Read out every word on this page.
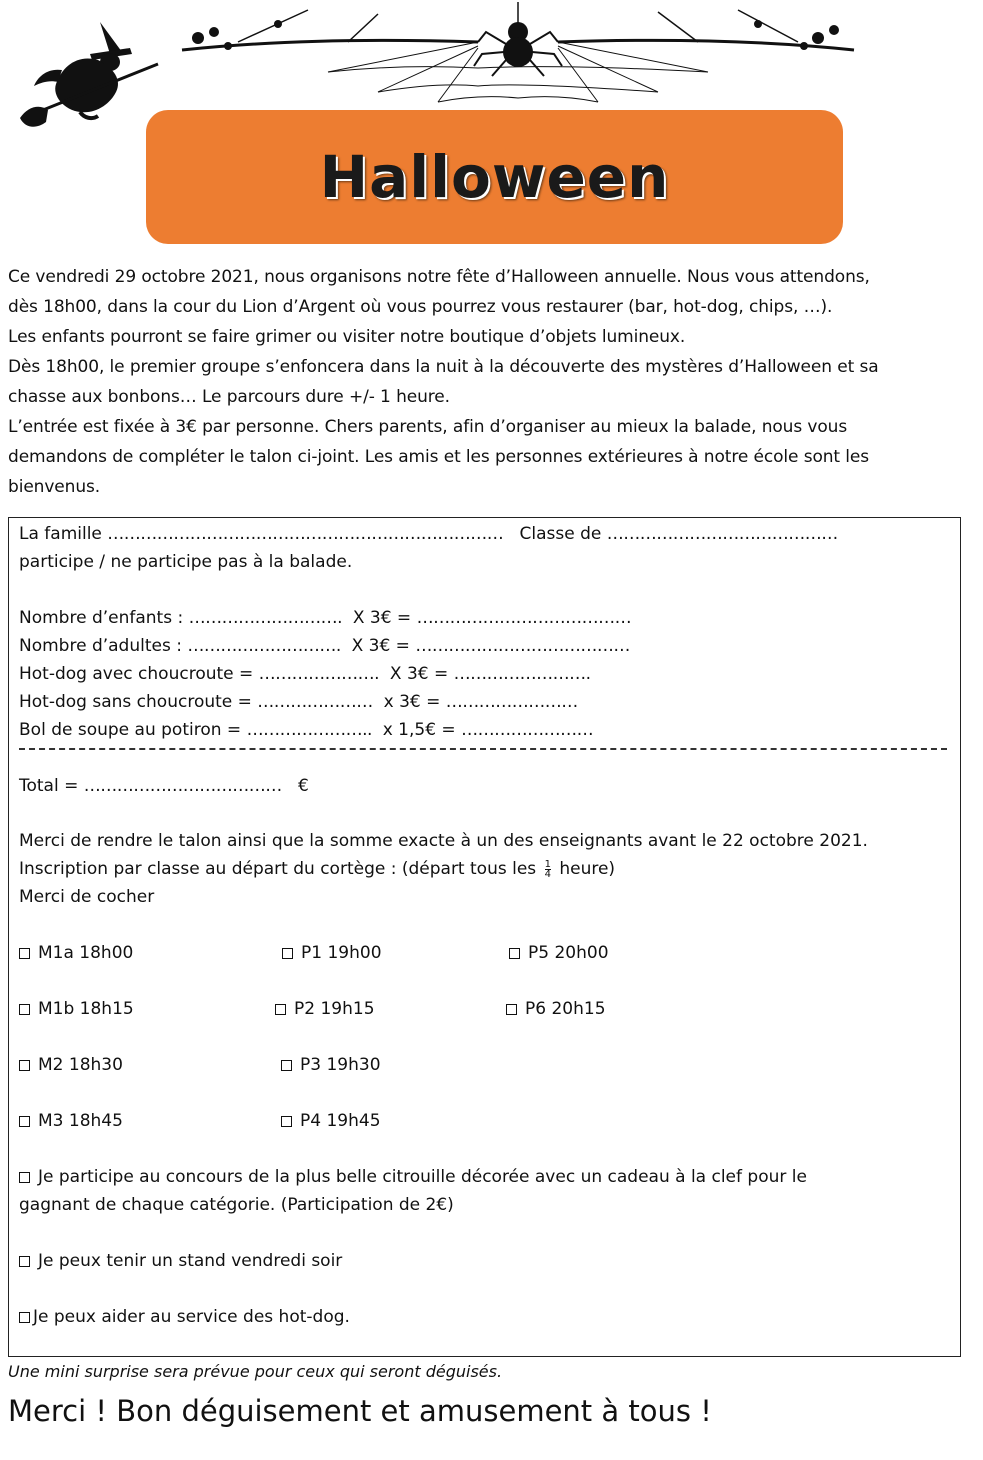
Halloween

Ce vendredi 29 octobre 2021, nous organisons notre fête d’Halloween annuelle. Nous vous attendons,

dès 18h00, dans la cour du Lion d’Argent où vous pourrez vous restaurer (bar, hot-dog, chips, …).

Les enfants pourront se faire grimer ou visiter notre boutique d’objets lumineux.

Dès 18h00, le premier groupe s’enfoncera dans la nuit à la découverte des mystères d’Halloween et sa

chasse aux bonbons… Le parcours dure +/- 1 heure.

L’entrée est fixée à 3€ par personne. Chers parents, afin d’organiser au mieux la balade, nous vous

demandons de compléter le talon ci-joint. Les amis et les personnes extérieures à notre école sont les

bienvenus.

La famille ……………………………………………………………… Classe de ……………………………………
participe / ne participe pas à la balade.
Nombre d’enfants : ………………………. X 3€ = …………………………………
Nombre d’adultes : ………………………. X 3€ = …………………………………
Hot-dog avec choucroute = …………………. X 3€ = …………………….
Hot-dog sans choucroute = ………………… x 3€ = ……………………
Bol de soupe au potiron = ………………….. x 1,5€ = ……………………
Total = ……………………………… €
Merci de rendre le talon ainsi que la somme exacte à un des enseignants avant le 22 octobre 2021.
Inscription par classe au départ du cortège : (départ tous les $\frac{1}{4}$ heure)
Merci de cocher
M1a 18h00	P1 19h00	P5 20h00
M1b 18h15	P2 19h15	P6 20h15
M2 18h30	P3 19h30
M3 18h45	P4 19h45
Je participe au concours de la plus belle citrouille décorée avec un cadeau à la clef pour le
gagnant de chaque catégorie. (Participation de 2€)
Je peux tenir un stand vendredi soir
Je peux aider au service des hot-dog.
Une mini surprise sera prévue pour ceux qui seront déguisés.
Merci ! Bon déguisement et amusement à tous !
